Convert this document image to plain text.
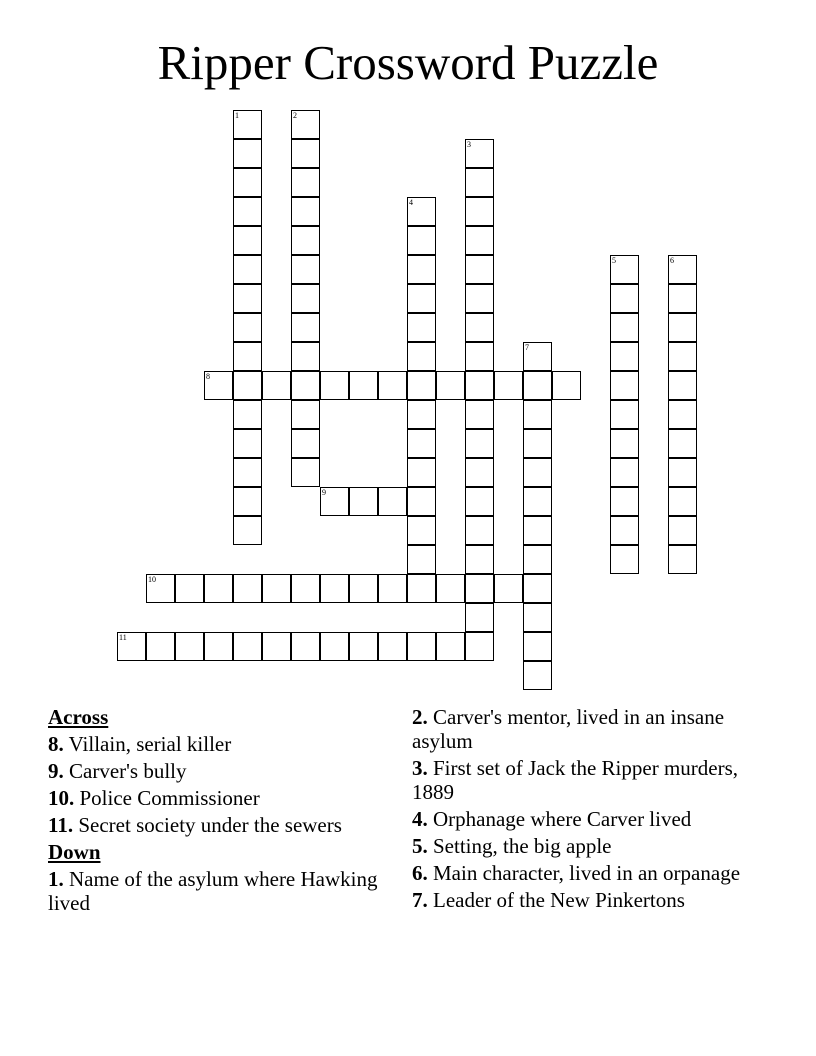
Ripper Crossword Puzzle
1	2
3
4
5	6
7
8
9
10
11
Across
8. Villain, serial killer
9. Carver's bully
10. Police Commissioner
11. Secret society under the sewers
Down
1. Name of the asylum where Hawking lived
2. Carver's mentor, lived in an insane asylum
3. First set of Jack the Ripper murders, 1889
4. Orphanage where Carver lived
5. Setting, the big apple
6. Main character, lived in an orpanage
7. Leader of the New Pinkertons
